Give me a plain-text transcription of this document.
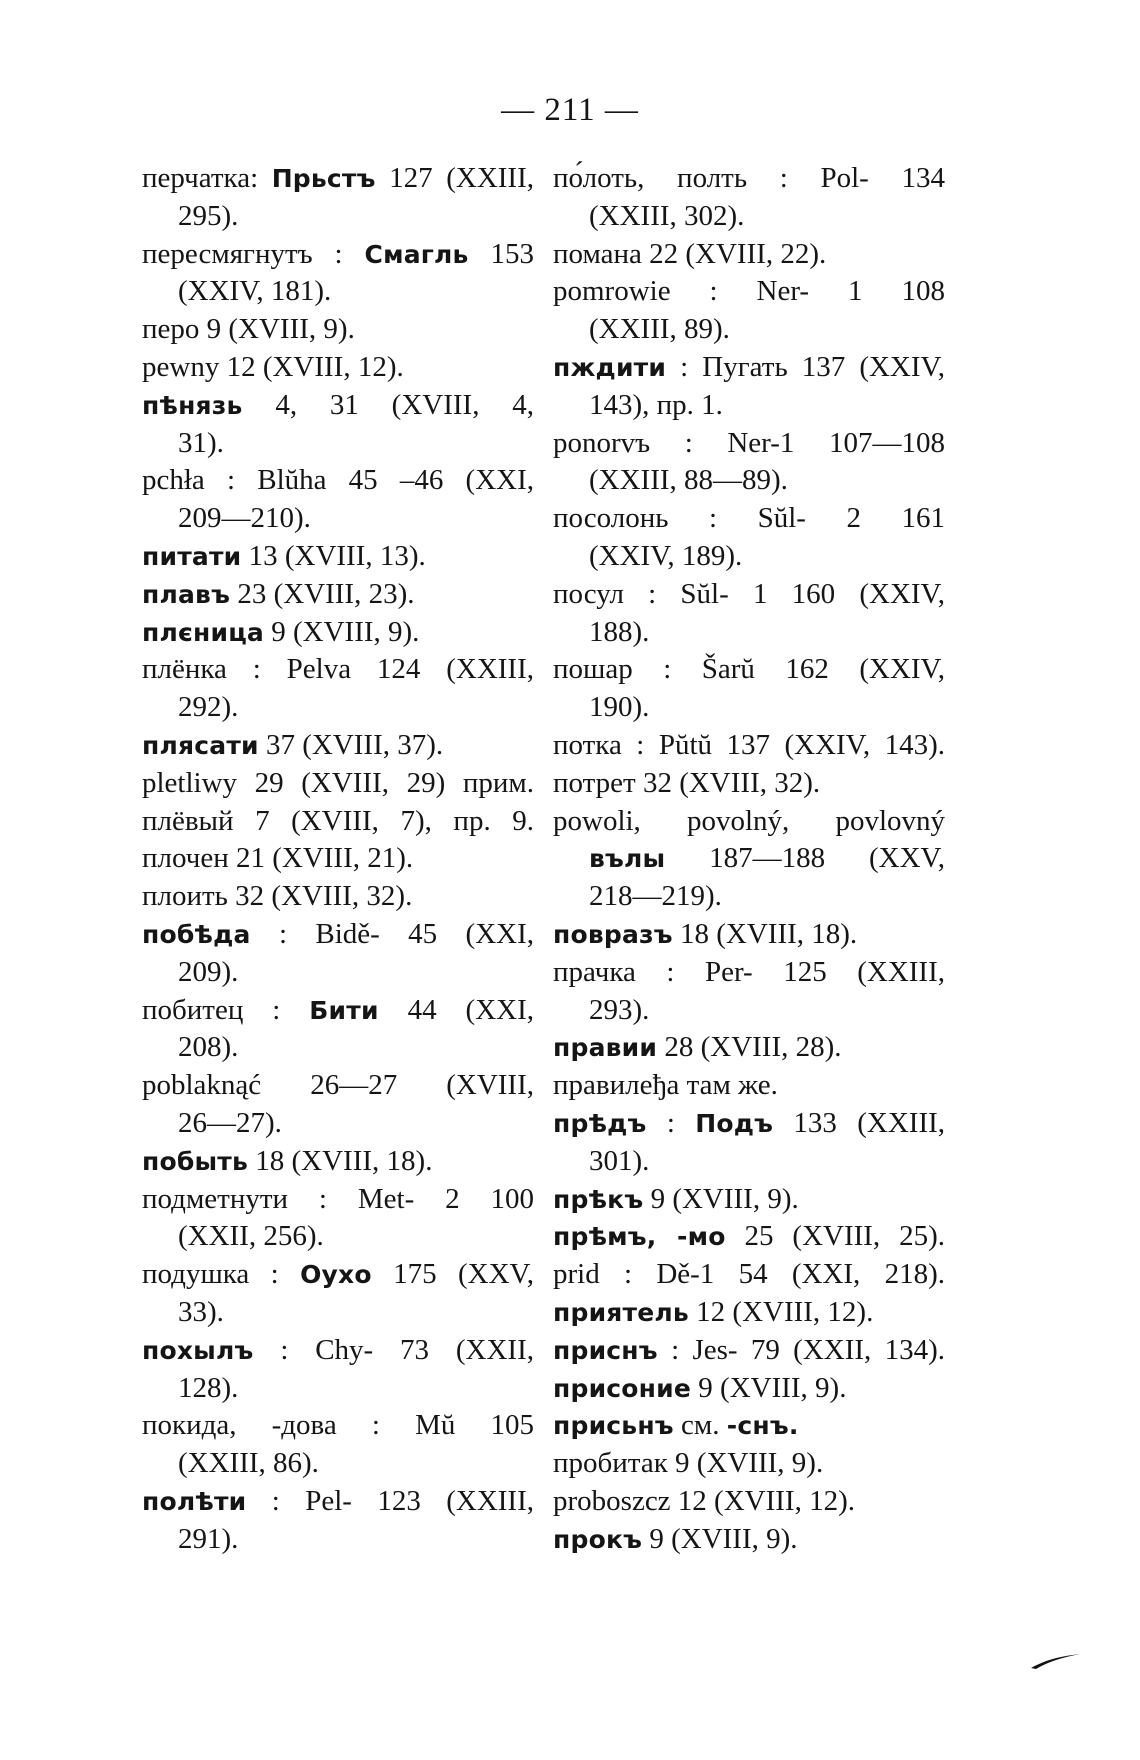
— 211 —
перчатка: Прьстъ 127 (XXIII,
295).
пересмягнутъ : Смагль 153
(XXIV, 181).
перо 9 (XVIII, 9).
pewny 12 (XVIII, 12).
пѣнязь 4, 31 (XVIII, 4,
31).
pchła : Blŭha 45 –46 (XXI,
209—210).
питати 13 (XVIII, 13).
плавъ 23 (XVIII, 23).
плєница 9 (XVIII, 9).
плёнка : Pelva 124 (XXIII,
292).
плясати 37 (XVIII, 37).
pletliwy 29 (XVIII, 29) прим.
плёвый 7 (XVIII, 7), пр. 9.
плочен 21 (XVIII, 21).
плоить 32 (XVIII, 32).
побѣда : Bidě- 45 (XXI,
209).
побитец : Бити 44 (XXI,
208).
poblaknąć 26—27 (XVIII,
26—27).
побыть 18 (XVIII, 18).
подметнути : Met- 2 100
(XXII, 256).
подушка : Оухо 175 (XXV,
33).
похылъ : Chy- 73 (XXII,
128).
покида, -дова : Mŭ 105
(XXIII, 86).
полѣти : Pel- 123 (XXIII,
291).
по́лоть, полть : Pol- 134
(XXIII, 302).
помана 22 (XVIII, 22).
pomrowie : Ner- 1 108
(XXIII, 89).
пждити : Пугать 137 (XXIV,
143), пр. 1.
ponorvъ : Ner-1 107—108
(XXIII, 88—89).
посолонь : Sŭl- 2 161
(XXIV, 189).
посул : Sŭl- 1 160 (XXIV,
188).
пошар : Šarŭ 162 (XXIV,
190).
потка : Pŭtŭ 137 (XXIV, 143).
потрет 32 (XVIII, 32).
powoli, povolný, povlovný
вълы 187—188 (XXV,
218—219).
повразъ 18 (XVIII, 18).
прачка : Per- 125 (XXIII,
293).
правии 28 (XVIII, 28).
правилеђа там же.
прѣдъ : Подъ 133 (XXIII,
301).
прѣкъ 9 (XVIII, 9).
прѣмъ, -мо 25 (XVIII, 25).
prid : Dě-1 54 (XXI, 218).
приятель 12 (XVIII, 12).
приснъ : Jes- 79 (XXII, 134).
присоние 9 (XVIII, 9).
присьнъ см. -снъ.
пробитак 9 (XVIII, 9).
proboszcz 12 (XVIII, 12).
прокъ 9 (XVIII, 9).
